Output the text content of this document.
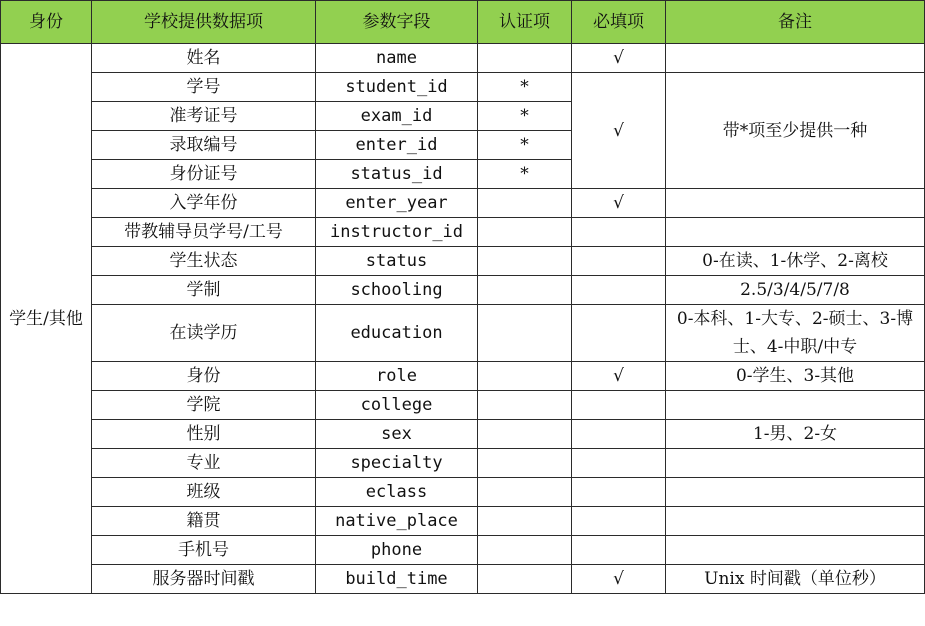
身份	学校提供数据项	参数字段	认证项	必填项	备注
学生/其他	姓名	name		√	
	学号	student_id	*	√	带*项至少提供一种
	准考证号	exam_id	*		
	录取编号	enter_id	*		
	身份证号	status_id	*		
	入学年份	enter_year		√	
	带教辅导员学号/工号	instructor_id			
	学生状态	status			0-在读、1-休学、2-离校
	学制	schooling			2.5/3/4/5/7/8
	在读学历	education			0-本科、1-大专、2-硕士、3-博士、4-中职/中专
	身份	role		√	0-学生、3-其他
	学院	college			
	性别	sex			1-男、2-女
	专业	specialty			
	班级	eclass			
	籍贯	native_place			
	手机号	phone			
	服务器时间戳	build_time		√	Unix 时间戳（单位秒）
